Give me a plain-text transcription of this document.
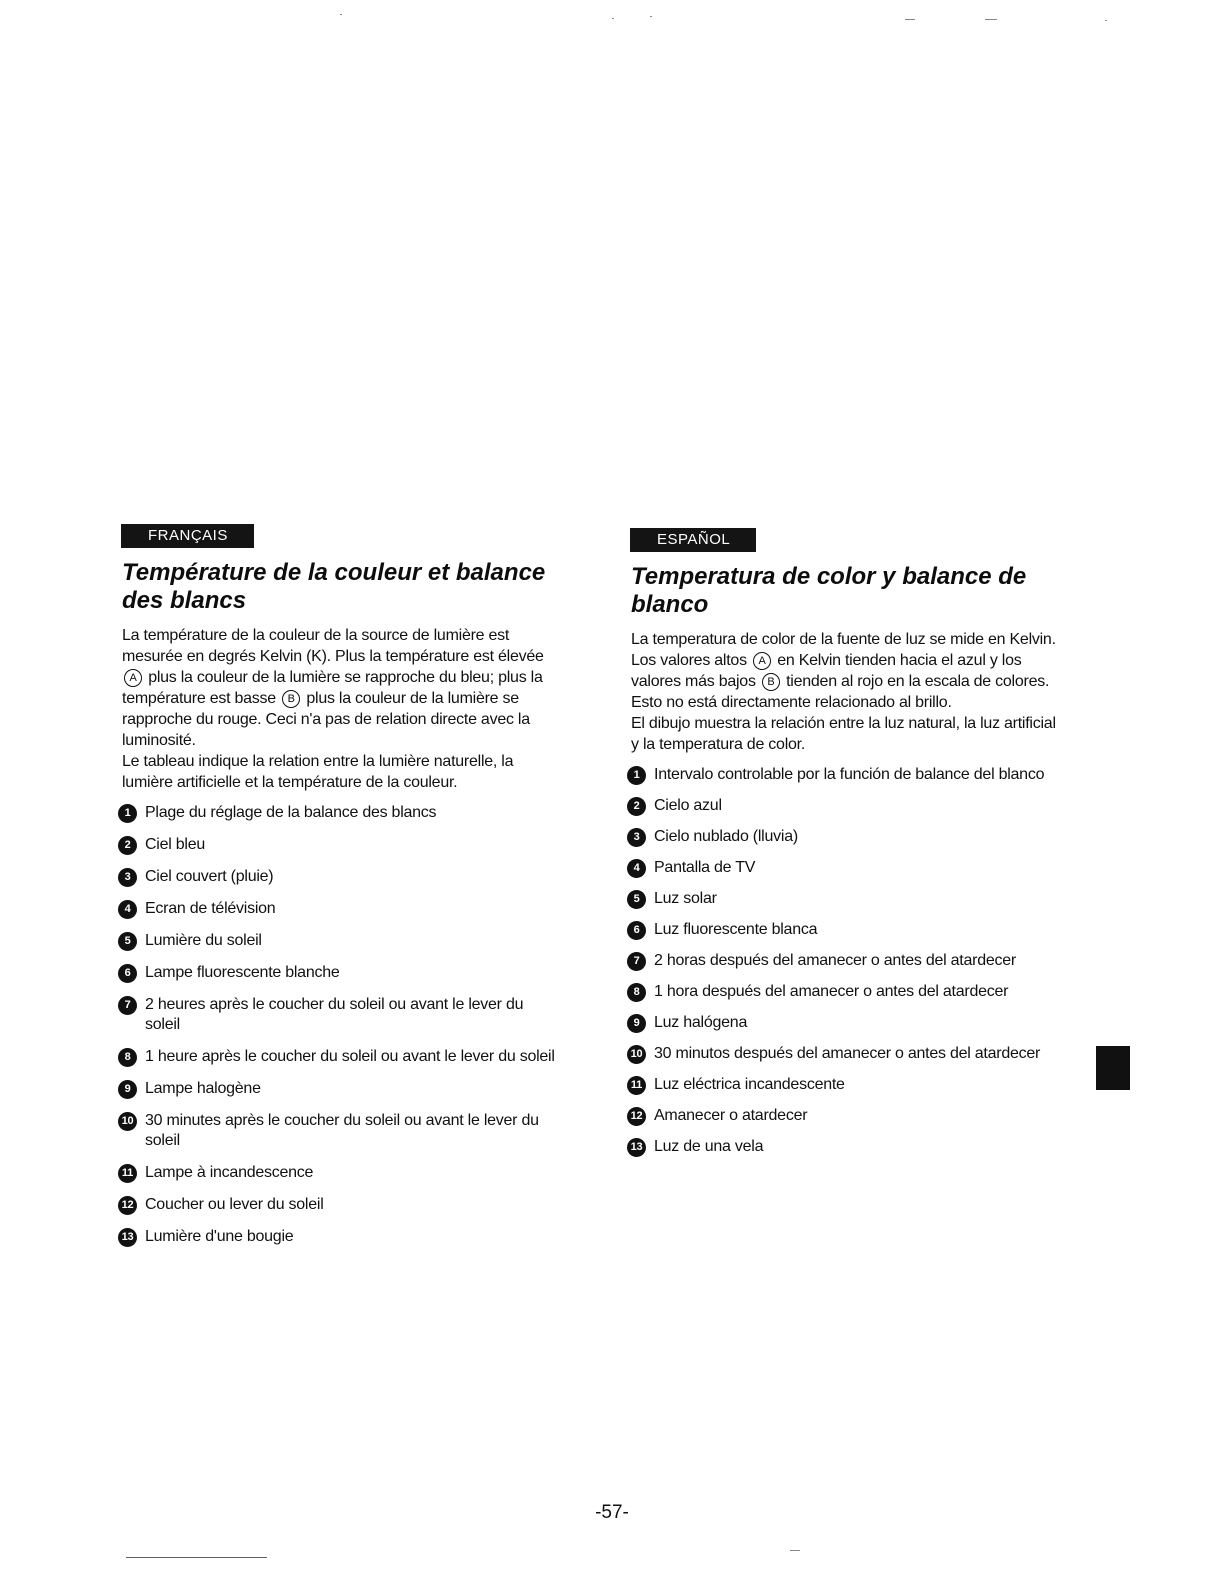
FRANÇAIS
Température de la couleur et balance des blancs

La température de la couleur de la source de lumière est mesurée en degrés Kelvin (K). Plus la température est élevée A plus la couleur de la lumière se rapproche du bleu; plus la température est basse B plus la couleur de la lumière se rapproche du rouge. Ceci n'a pas de relation directe avec la luminosité.

Le tableau indique la relation entre la lumière naturelle, la lumière artificielle et la température de la couleur.

1 Plage du réglage de la balance des blancs
2 Ciel bleu
3 Ciel couvert (pluie)
4 Ecran de télévision
5 Lumière du soleil
6 Lampe fluorescente blanche
7 2 heures après le coucher du soleil ou avant le lever du soleil
8 1 heure après le coucher du soleil ou avant le lever du soleil
9 Lampe halogène
10 30 minutes après le coucher du soleil ou avant le lever du soleil
11 Lampe à incandescence
12 Coucher ou lever du soleil
13 Lumière d'une bougie
ESPAÑOL
Temperatura de color y balance de blanco

La temperatura de color de la fuente de luz se mide en Kelvin. Los valores altos A en Kelvin tienden hacia el azul y los valores más bajos B tienden al rojo en la escala de colores. Esto no está directamente relacionado al brillo.

El dibujo muestra la relación entre la luz natural, la luz artificial y la temperatura de color.

1 Intervalo controlable por la función de balance del blanco
2 Cielo azul
3 Cielo nublado (lluvia)
4 Pantalla de TV
5 Luz solar
6 Luz fluorescente blanca
7 2 horas después del amanecer o antes del atardecer
8 1 hora después del amanecer o antes del atardecer
9 Luz halógena
10 30 minutos después del amanecer o antes del atardecer
11 Luz eléctrica incandescente
12 Amanecer o atardecer
13 Luz de una vela
-57-
